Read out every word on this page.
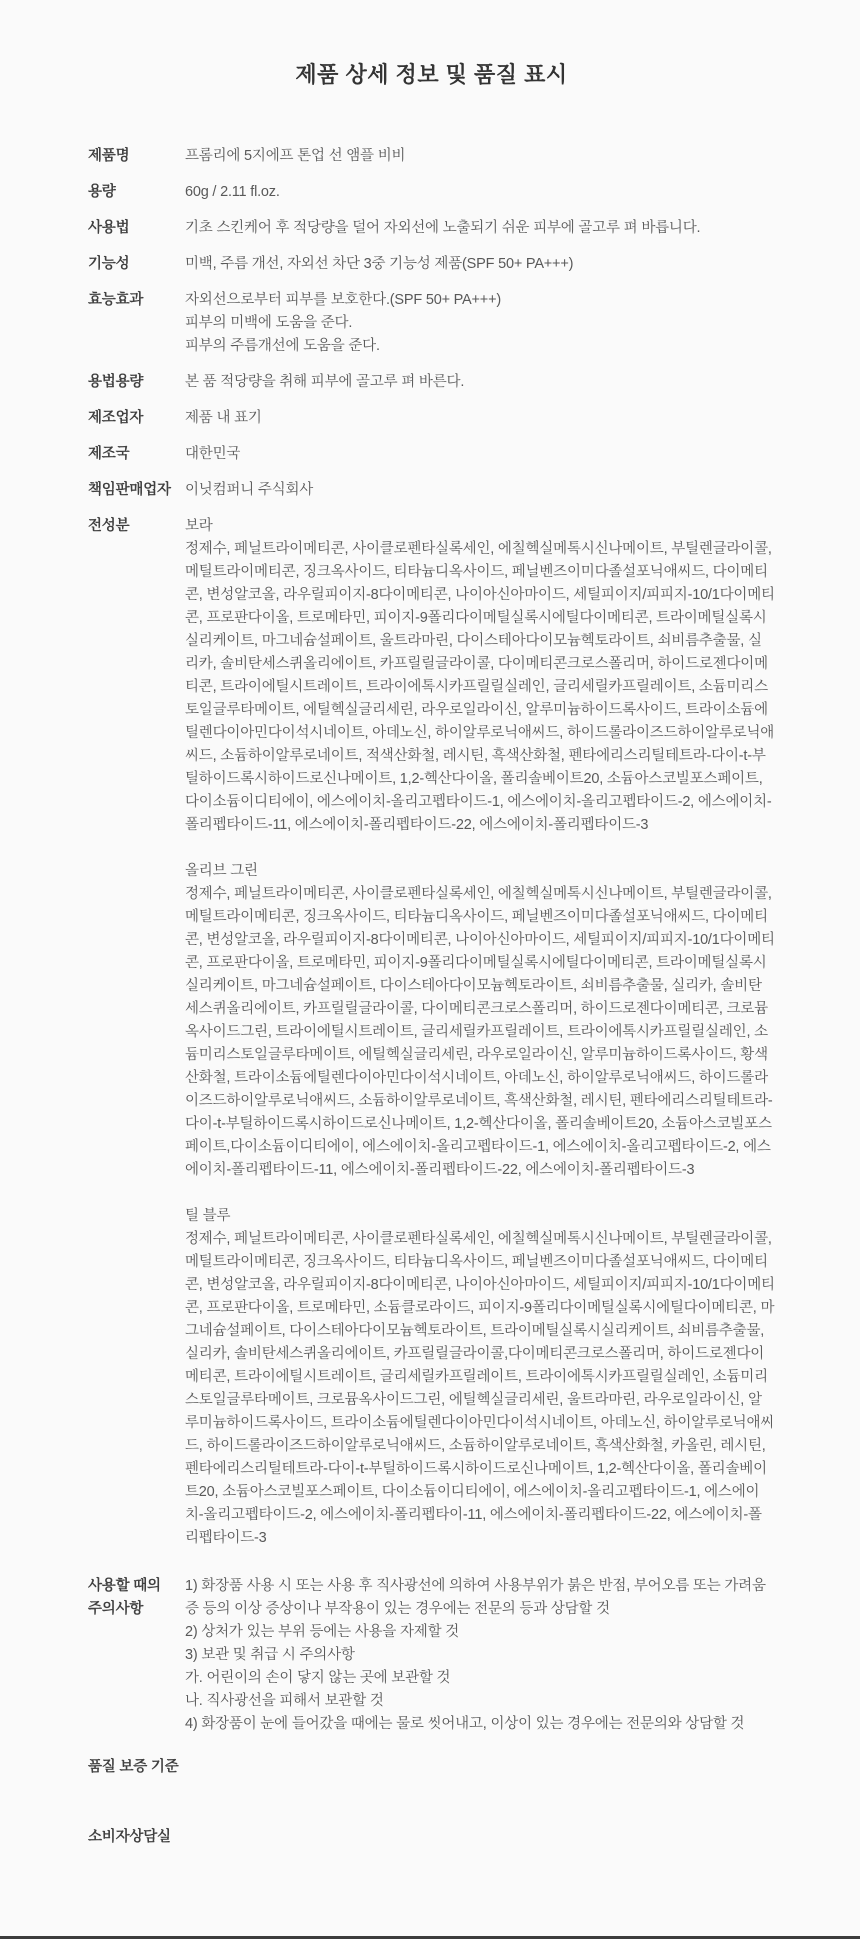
제품 상세 정보 및 품질 표시
제품명	프롬리에 5지에프 톤업 선 앰플 비비
용량	60g / 2.11 fl.oz.
사용법	기초 스킨케어 후 적당량을 덜어 자외선에 노출되기 쉬운 피부에 골고루 펴 바릅니다.
기능성	미백, 주름 개선, 자외선 차단 3중 기능성 제품(SPF 50+ PA+++)
효능효과	자외선으로부터 피부를 보호한다.(SPF 50+ PA+++)
피부의 미백에 도움을 준다.
피부의 주름개선에 도움을 준다.
용법용량	본 품 적당량을 취해 피부에 골고루 펴 바른다.
제조업자	제품 내 표기
제조국	대한민국
책임판매업자 이닛컴퍼니 주식회사
전성분	보라
정제수, 페닐트라이메티콘, 사이클로펜타실록세인, 에칠헥실메톡시신나메이트, 부틸렌글라이콜, 메틸트라이메티콘, 징크옥사이드, 티타늄디옥사이드, 페닐벤즈이미다졸설포닉애씨드, 다이메티콘, 변성알코올, 라우릴피이지-8다이메티콘, 나이아신아마이드, 세틸피이지/피피지-10/1다이메티콘, 프로판다이올, 트로메타민, 피이지-9폴리다이메틸실록시에틸다이메티콘, 트라이메틸실록시실리케이트, 마그네슘설페이트, 울트라마린, 다이스테아다이모늄헥토라이트, 쇠비름추출물, 실리카, 솔비탄세스퀴올리에이트, 카프릴릴글라이콜, 다이메티콘크로스폴리머, 하이드로젠다이메티콘, 트라이에틸시트레이트, 트라이에톡시카프릴릴실레인, 글리세릴카프릴레이트, 소듐미리스토일글루타메이트, 에틸헥실글리세린, 라우로일라이신, 알루미늄하이드록사이드, 트라이소듐에틸렌다이아민다이석시네이트, 아데노신, 하이알루로닉애씨드, 하이드롤라이즈드하이알루로닉애씨드, 소듐하이알루로네이트, 적색산화철, 레시틴, 흑색산화철, 펜타에리스리틸테트라-다이-t-부틸하이드록시하이드로신나메이트, 1,2-헥산다이올, 폴리솔베이트20, 소듐아스코빌포스페이트, 다이소듐이디티에이, 에스에이치-올리고펩타이드-1, 에스에이치-올리고펩타이드-2, 에스에이치-폴리펩타이드-11, 에스에이치-폴리펩타이드-22, 에스에이치-폴리펩타이드-3
올리브 그린
정제수, 페닐트라이메티콘, 사이클로펜타실록세인, 에칠헥실메톡시신나메이트, 부틸렌글라이콜, 메틸트라이메티콘, 징크옥사이드, 티타늄디옥사이드, 페닐벤즈이미다졸설포닉애씨드, 다이메티콘, 변성알코올, 라우릴피이지-8다이메티콘, 나이아신아마이드, 세틸피이지/피피지-10/1다이메티콘, 프로판다이올, 트로메타민, 피이지-9폴리다이메틸실록시에틸다이메티콘, 트라이메틸실록시실리케이트, 마그네슘설페이트, 다이스테아다이모늄헥토라이트, 쇠비름추출물, 실리카, 솔비탄세스퀴올리에이트, 카프릴릴글라이콜, 다이메티콘크로스폴리머, 하이드로젠다이메티콘, 크로뮴옥사이드그린, 트라이에틸시트레이트, 글리세릴카프릴레이트, 트라이에톡시카프릴릴실레인, 소듐미리스토일글루타메이트, 에틸헥실글리세린, 라우로일라이신, 알루미늄하이드록사이드, 황색산화철, 트라이소듐에틸렌다이아민다이석시네이트, 아데노신, 하이알루로닉애씨드, 하이드롤라이즈드하이알루로닉애씨드, 소듐하이알루로네이트, 흑색산화철, 레시틴, 펜타에리스리틸테트라-다이-t-부틸하이드록시하이드로신나메이트, 1,2-헥산다이올, 폴리솔베이트20, 소듐아스코빌포스페이트,다이소듐이디티에이, 에스에이치-올리고펩타이드-1, 에스에이치-올리고펩타이드-2, 에스에이치-폴리펩타이드-11, 에스에이치-폴리펩타이드-22, 에스에이치-폴리펩타이드-3
틸 블루
정제수, 페닐트라이메티콘, 사이클로펜타실록세인, 에칠헥실메톡시신나메이트, 부틸렌글라이콜, 메틸트라이메티콘, 징크옥사이드, 티타늄디옥사이드, 페닐벤즈이미다졸설포닉애씨드, 다이메티콘, 변성알코올, 라우릴피이지-8다이메티콘, 나이아신아마이드, 세틸피이지/피피지-10/1다이메티콘, 프로판다이올, 트로메타민, 소듐클로라이드, 피이지-9폴리다이메틸실록시에틸다이메티콘, 마그네슘설페이트, 다이스테아다이모늄헥토라이트, 트라이메틸실록시실리케이트, 쇠비름추출물, 실리카, 솔비탄세스퀴올리에이트, 카프릴릴글라이콜,다이메티콘크로스폴리머, 하이드로젠다이메티콘, 트라이에틸시트레이트, 글리세릴카프릴레이트, 트라이에톡시카프릴릴실레인, 소듐미리스토일글루타메이트, 크로뮴옥사이드그린, 에틸헥실글리세린, 울트라마린, 라우로일라이신, 알루미늄하이드록사이드, 트라이소듐에틸렌다이아민다이석시네이트, 아데노신, 하이알루로닉애씨드, 하이드롤라이즈드하이알루로닉애씨드, 소듐하이알루로네이트, 흑색산화철, 카올린, 레시틴, 펜타에리스리틸테트라-다이-t-부틸하이드록시하이드로신나메이트, 1,2-헥산다이올, 폴리솔베이트20, 소듐아스코빌포스페이트, 다이소듐이디티에이, 에스에이치-올리고펩타이드-1, 에스에이치-올리고펩타이드-2, 에스에이치-폴리펩타이-11, 에스에이치-폴리펩타이드-22, 에스에이치-폴리펩타이드-3
사용할 때의
주의사항
1) 화장품 사용 시 또는 사용 후 직사광선에 의하여 사용부위가 붉은 반점, 부어오름 또는 가려움증 등의 이상 증상이나 부작용이 있는 경우에는 전문의 등과 상담할 것
2) 상처가 있는 부위 등에는 사용을 자제할 것
3) 보관 및 취급 시 주의사항
가. 어린이의 손이 닿지 않는 곳에 보관할 것
나. 직사광선을 피해서 보관할 것
4) 화장품이 눈에 들어갔을 때에는 물로 씻어내고, 이상이 있는 경우에는 전문의와 상담할 것
품질 보증 기준
소비자상담실
